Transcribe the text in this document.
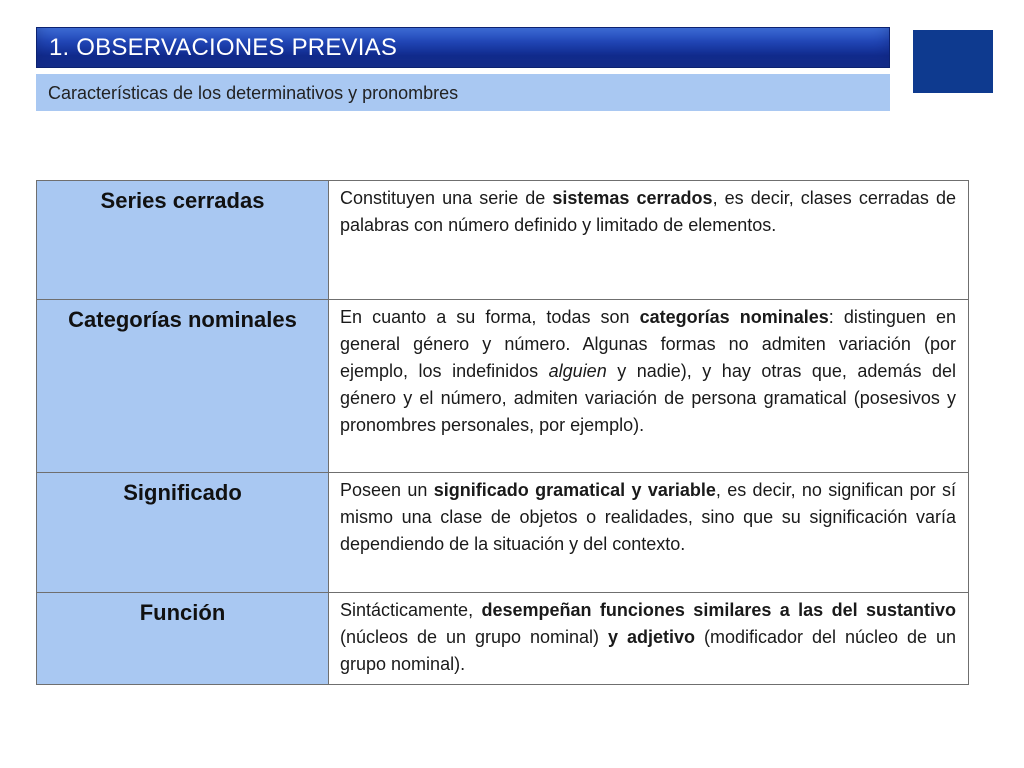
1. OBSERVACIONES PREVIAS
Características de los determinativos y pronombres
Series cerradas	Constituyen una serie de sistemas cerrados, es decir, clases cerradas de palabras con número definido y limitado de elementos.
Categorías nominales	En cuanto a su forma, todas son categorías nominales: distinguen en general género y número. Algunas formas no admiten variación (por ejemplo, los indefinidos alguien y nadie), y hay otras que, además del género y el número, admiten variación de persona gramatical (posesivos y pronombres personales, por ejemplo).
Significado	Poseen un significado gramatical y variable, es decir, no significan por sí mismo una clase de objetos o realidades, sino que su significación varía dependiendo de la situación y del contexto.
Función	Sintácticamente, desempeñan funciones similares a las del sustantivo (núcleos de un grupo nominal) y adjetivo (modificador del núcleo de un grupo nominal).
